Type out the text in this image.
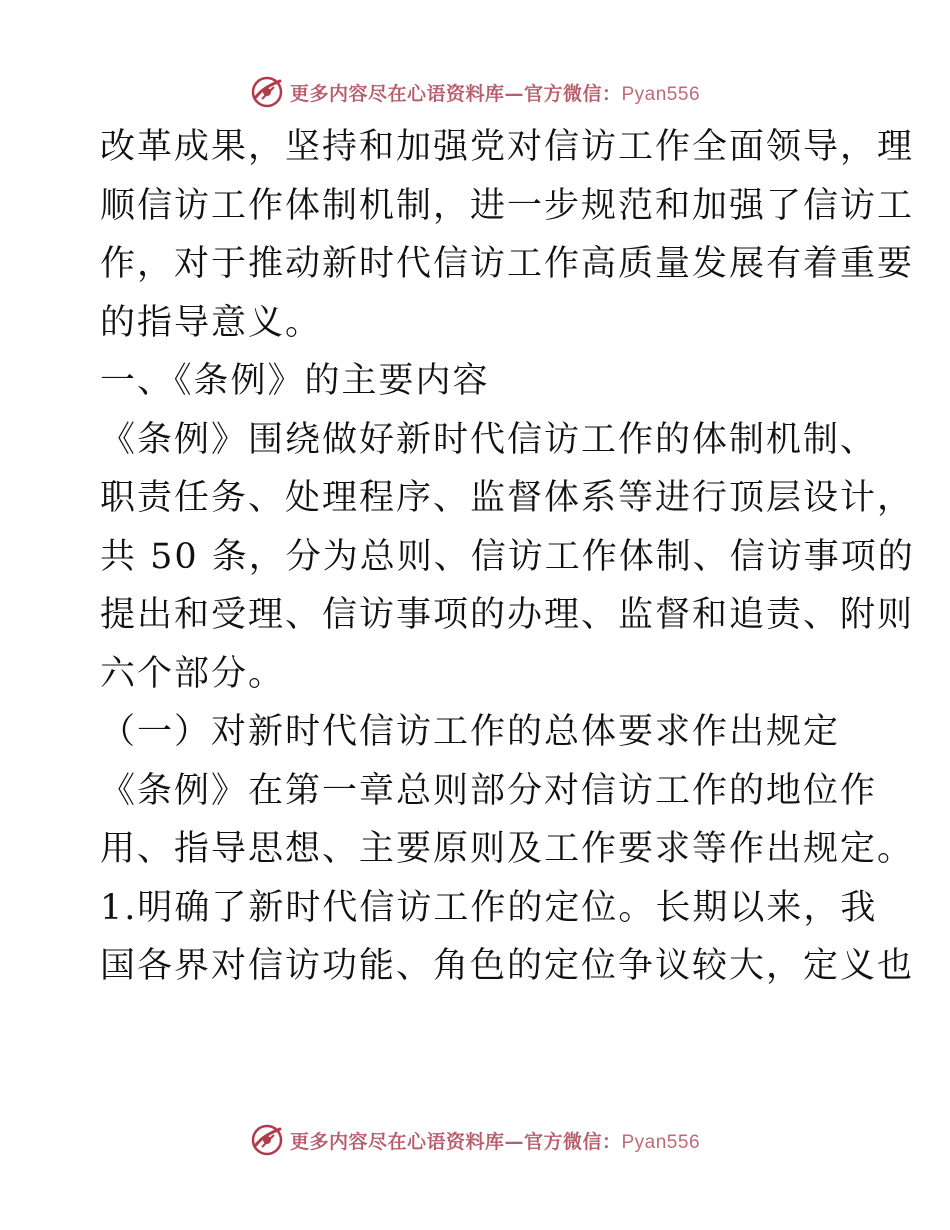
更多内容尽在心语资料库—官方微信：Pyan556
改革成果，坚持和加强党对信访工作全面领导，理
顺信访工作体制机制，进一步规范和加强了信访工
作，对于推动新时代信访工作高质量发展有着重要
的指导意义。
一、《条例》的主要内容
《条例》围绕做好新时代信访工作的体制机制、
职责任务、处理程序、监督体系等进行顶层设计，
共 50 条，分为总则、信访工作体制、信访事项的
提出和受理、信访事项的办理、监督和追责、附则
六个部分。
（一）对新时代信访工作的总体要求作出规定
《条例》在第一章总则部分对信访工作的地位作
用、指导思想、主要原则及工作要求等作出规定。
1.明确了新时代信访工作的定位。长期以来，我
国各界对信访功能、角色的定位争议较大，定义也
更多内容尽在心语资料库—官方微信：Pyan556
